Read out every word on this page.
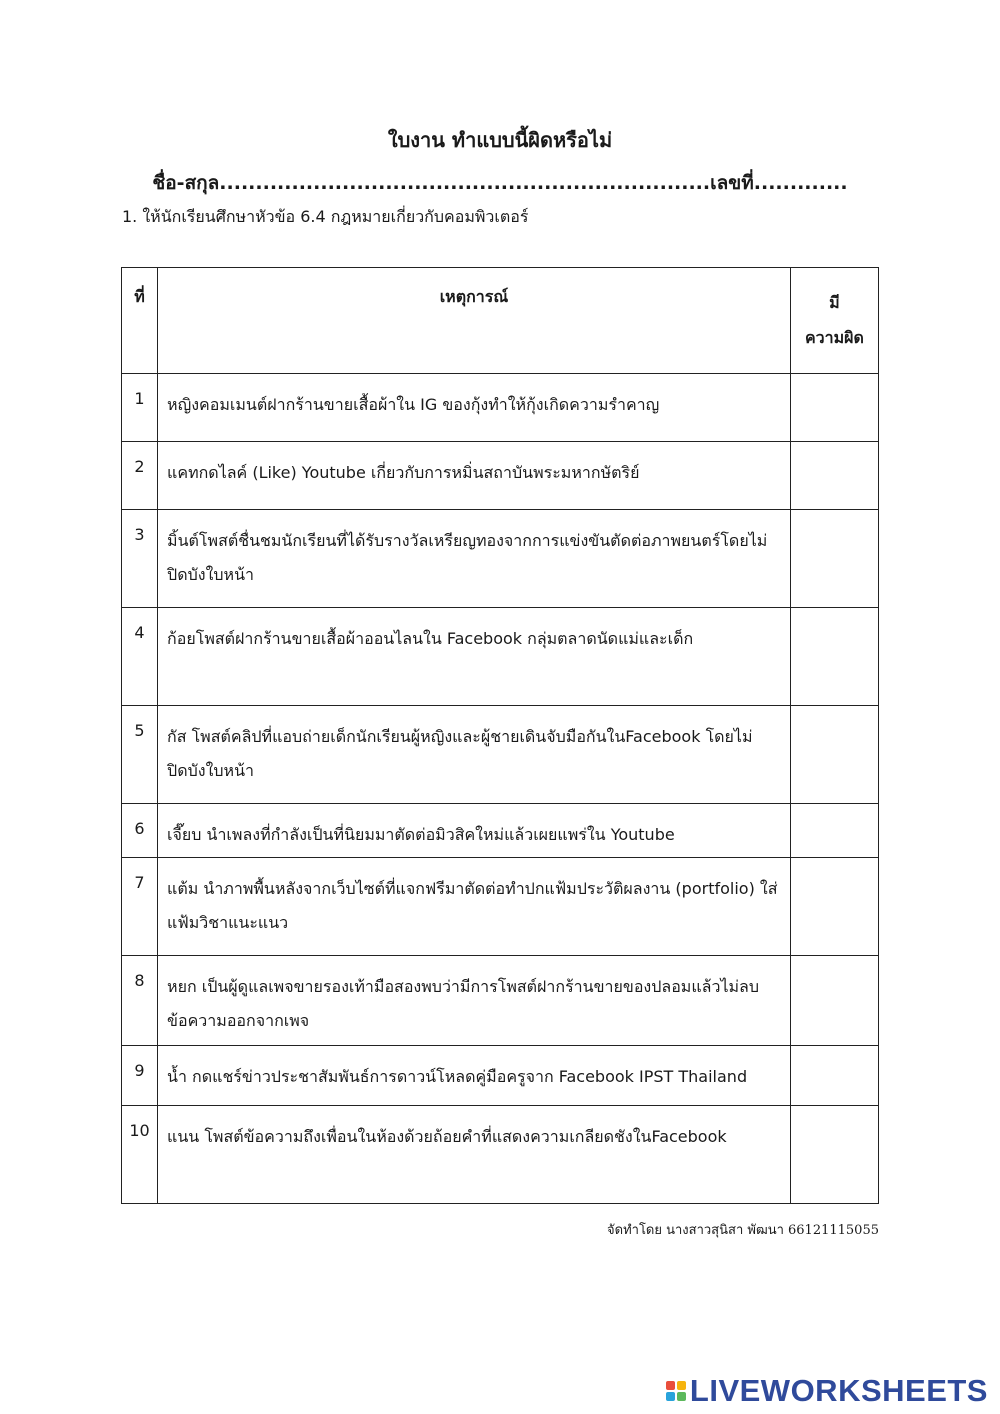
ใบงาน ทำแบบนี้ผิดหรือไม่
ชื่อ-สกุล....................................................................เลขที่.............
1. ให้นักเรียนศึกษาหัวข้อ 6.4 กฎหมายเกี่ยวกับคอมพิวเตอร์
ที่	เหตุการณ์	มี
ความผิด

1	หญิงคอมเมนต์ฝากร้านขายเสื้อผ้าใน IG ของกุ้งทำให้กุ้งเกิดความรำคาญ	
2	แคทกดไลค์ (Like) Youtube เกี่ยวกับการหมิ่นสถาบันพระมหากษัตริย์	
3	มิ้นต์โพสต์ชื่นชมนักเรียนที่ได้รับรางวัลเหรียญทองจากการแข่งขันตัดต่อภาพยนตร์โดยไม่ปิดบังใบหน้า	
4	ก้อยโพสต์ฝากร้านขายเสื้อผ้าออนไลนใน Facebook กลุ่มตลาดนัดแม่และเด็ก	
5	กัส โพสต์คลิปที่แอบถ่ายเด็กนักเรียนผู้หญิงและผู้ชายเดินจับมือกันในFacebook โดยไม่ปิดบังใบหน้า	
6	เจี๊ยบ นำเพลงที่กำลังเป็นที่นิยมมาตัดต่อมิวสิคใหม่แล้วเผยแพร่ใน Youtube	
7	แต้ม นำภาพพื้นหลังจากเว็บไซต์ที่แจกฟรีมาตัดต่อทำปกแฟ้มประวัติผลงาน (portfolio) ใส่แฟ้มวิชาแนะแนว	
8	หยก เป็นผู้ดูแลเพจขายรองเท้ามือสองพบว่ามีการโพสต์ฝากร้านขายของปลอมแล้วไม่ลบข้อความออกจากเพจ	
9	น้ำ กดแชร์ข่าวประชาสัมพันธ์การดาวน์โหลดคู่มือครูจาก Facebook IPST Thailand	
10	แนน โพสต์ข้อความถึงเพื่อนในห้องด้วยถ้อยคำที่แสดงความเกลียดชังในFacebook	
จัดทำโดย นางสาวสุนิสา พัฒนา 66121115055
LIVEWORKSHEETS
